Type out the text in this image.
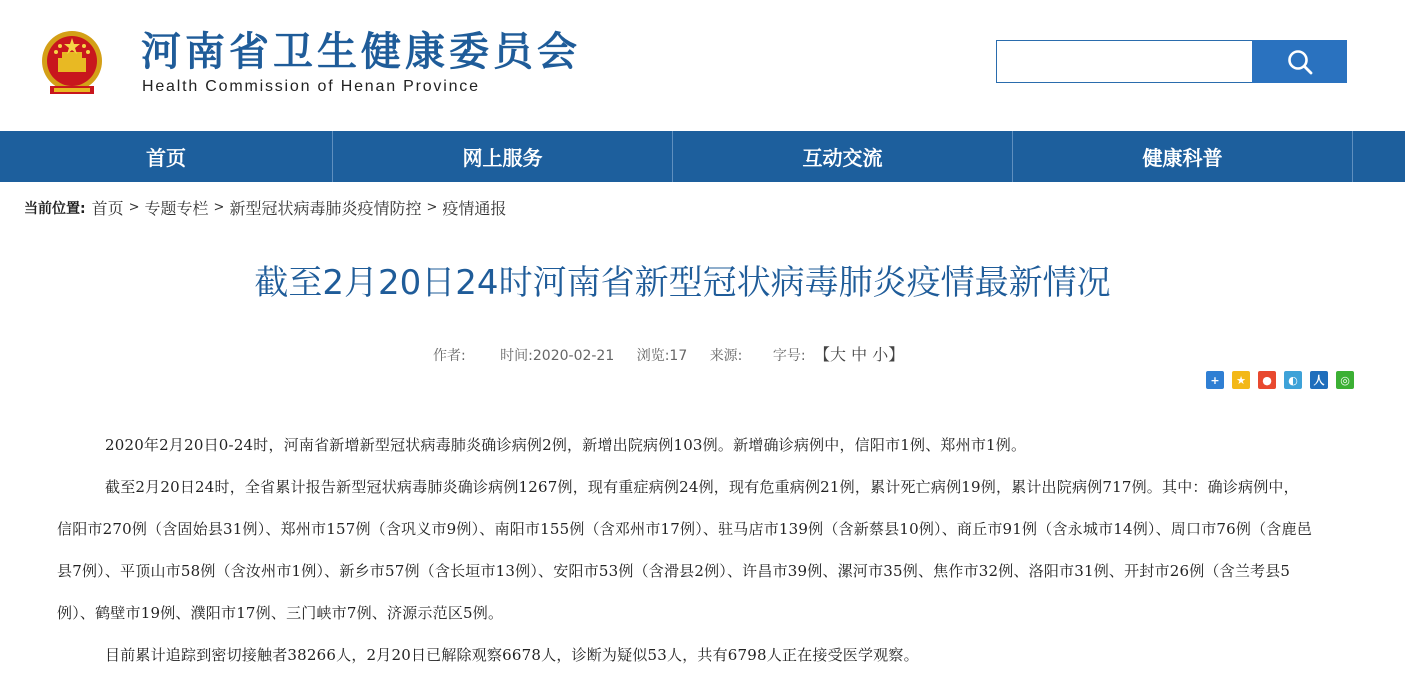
河南省卫生健康委员会
Health Commission of Henan Province
首页	网上服务	互动交流	健康科普
当前位置: 首页 > 专题专栏 > 新型冠状病毒肺炎疫情防控 > 疫情通报
截至2月20日24时河南省新型冠状病毒肺炎疫情最新情况
作者: 时间:2020-02-21 浏览:17 来源: 字号: 【大 中 小】
+	★	●	◐	人	◎

2020年2月20日0-24时，河南省新增新型冠状病毒肺炎确诊病例2例，新增出院病例103例。新增确诊病例中，信阳市1例、郑州市1例。

截至2月20日24时，全省累计报告新型冠状病毒肺炎确诊病例1267例，现有重症病例24例，现有危重病例21例，累计死亡病例19例，累计出院病例717例。其中：确诊病例中，信阳市270例（含固始县31例）、郑州市157例（含巩义市9例）、南阳市155例（含邓州市17例）、驻马店市139例（含新蔡县10例）、商丘市91例（含永城市14例）、周口市76例（含鹿邑县7例）、平顶山市58例（含汝州市1例）、新乡市57例（含长垣市13例）、安阳市53例（含滑县2例）、许昌市39例、漯河市35例、焦作市32例、洛阳市31例、开封市26例（含兰考县5例）、鹤壁市19例、濮阳市17例、三门峡市7例、济源示范区5例。

目前累计追踪到密切接触者38266人，2月20日已解除观察6678人，诊断为疑似53人，共有6798人正在接受医学观察。
